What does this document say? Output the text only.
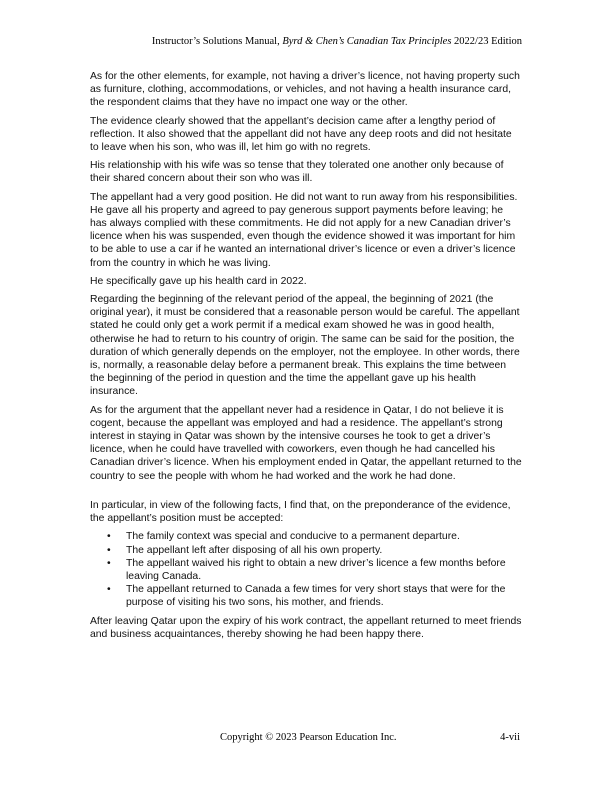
Instructor’s Solutions Manual, Byrd & Chen’s Canadian Tax Principles 2022/23 Edition

As for the other elements, for example, not having a driver’s licence, not having property such as furniture, clothing, accommodations, or vehicles, and not having a health insurance card, the respondent claims that they have no impact one way or the other.

The evidence clearly showed that the appellant’s decision came after a lengthy period of reflection. It also showed that the appellant did not have any deep roots and did not hesitate to leave when his son, who was ill, let him go with no regrets.

His relationship with his wife was so tense that they tolerated one another only because of their shared concern about their son who was ill.

The appellant had a very good position. He did not want to run away from his responsibilities. He gave all his property and agreed to pay generous support payments before leaving; he has always complied with these commitments. He did not apply for a new Canadian driver’s licence when his was suspended, even though the evidence showed it was important for him to be able to use a car if he wanted an international driver’s licence or even a driver’s licence from the country in which he was living.

He specifically gave up his health card in 2022.

Regarding the beginning of the relevant period of the appeal, the beginning of 2021 (the original year), it must be considered that a reasonable person would be careful. The appellant stated he could only get a work permit if a medical exam showed he was in good health, otherwise he had to return to his country of origin. The same can be said for the position, the duration of which generally depends on the employer, not the employee. In other words, there is, normally, a reasonable delay before a permanent break. This explains the time between the beginning of the period in question and the time the appellant gave up his health insurance.

As for the argument that the appellant never had a residence in Qatar, I do not believe it is cogent, because the appellant was employed and had a residence. The appellant’s strong interest in staying in Qatar was shown by the intensive courses he took to get a driver’s licence, when he could have travelled with coworkers, even though he had cancelled his Canadian driver’s licence. When his employment ended in Qatar, the appellant returned to the country to see the people with whom he had worked and the work he had done.

In particular, in view of the following facts, I find that, on the preponderance of the evidence, the appellant’s position must be accepted:

• The family context was special and conducive to a permanent departure.
• The appellant left after disposing of all his own property.
• The appellant waived his right to obtain a new driver’s licence a few months before leaving Canada.
• The appellant returned to Canada a few times for very short stays that were for the purpose of visiting his two sons, his mother, and friends.

After leaving Qatar upon the expiry of his work contract, the appellant returned to meet friends and business acquaintances, thereby showing he had been happy there.

Copyright © 2023 Pearson Education Inc.	4-vii
